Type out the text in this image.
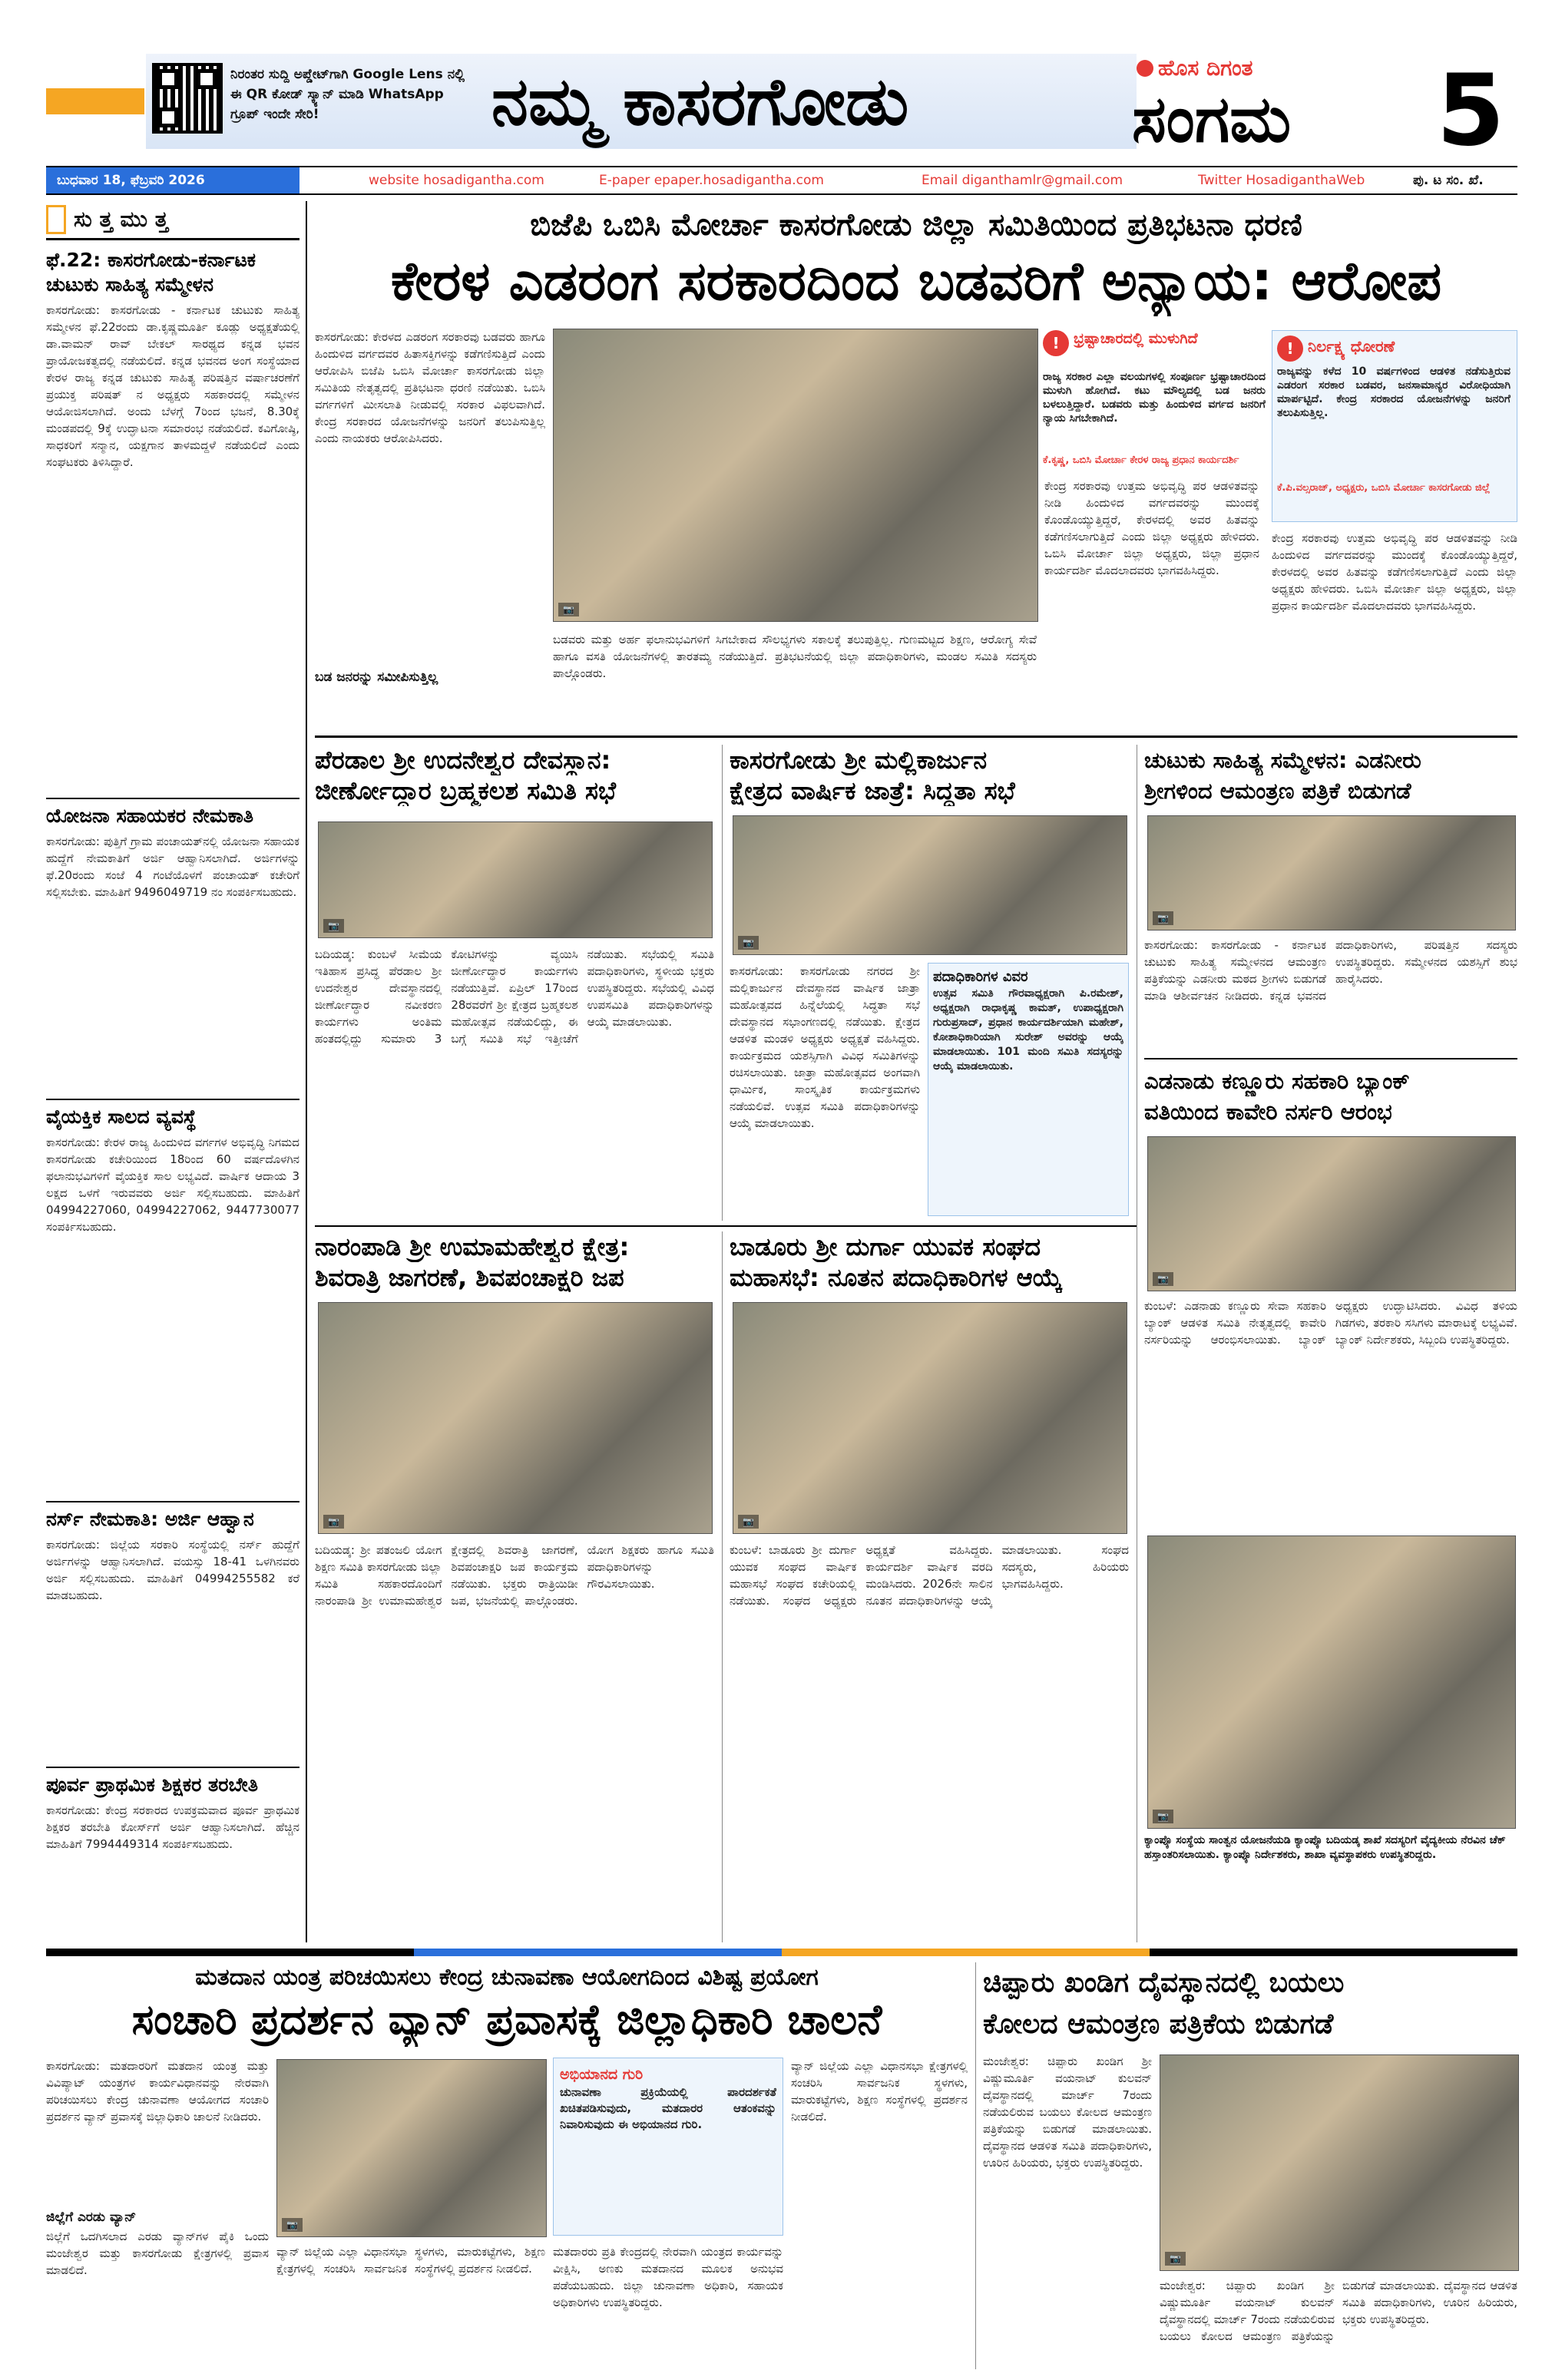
ನಿರಂತರ ಸುದ್ದಿ ಅಪ್ಡೇಟ್‌ಗಾಗಿ Google Lens ನಲ್ಲಿ ಈ QR ಕೋಡ್ ಸ್ಕ್ಯಾನ್ ಮಾಡಿ WhatsApp ಗ್ರೂಪ್ ಇಂದೇ ಸೇರಿ!	ನಮ್ಮ ಕಾಸರಗೋಡು	ಹೊಸ ದಿಗಂತ
ಸಂಗಮ	5
ಬುಧವಾರ 18, ಫೆಬ್ರವರಿ 2026	website hosadigantha.com	E-paper epaper.hosadigantha.com	Email diganthamlr@gmail.com	Twitter HosadiganthaWeb	ಪು. ಟ ಸಂ. ಖೆ.
ಸು ತ್ತ ಮು ತ್ತ
ಫೆ.22: ಕಾಸರಗೋಡು-ಕರ್ನಾಟಕ ಚುಟುಕು ಸಾಹಿತ್ಯ ಸಮ್ಮೇಳನ
ಕಾಸರಗೋಡು: ಕಾಸರಗೋಡು - ಕರ್ನಾಟಕ ಚುಟುಕು ಸಾಹಿತ್ಯ ಸಮ್ಮೇಳನ ಫೆ.22ರಂದು ಡಾ.ಕೃಷ್ಣಮೂರ್ತಿ ಕೂಡ್ಲು ಅಧ್ಯಕ್ಷತೆಯಲ್ಲಿ ಡಾ.ವಾಮನ್ ರಾವ್ ಬೇಕಲ್ ಸಾರಥ್ಯದ ಕನ್ನಡ ಭವನ ಪ್ರಾಯೋಜಕತ್ವದಲ್ಲಿ ನಡೆಯಲಿದೆ. ಕನ್ನಡ ಭವನದ ಅಂಗ ಸಂಸ್ಥೆಯಾದ ಕೇರಳ ರಾಜ್ಯ ಕನ್ನಡ ಚುಟುಕು ಸಾಹಿತ್ಯ ಪರಿಷತ್ತಿನ ವರ್ಷಾಚರಣೆಗೆ ಪ್ರಯುಕ್ತ ಪರಿಷತ್ ನ ಅಧ್ಯಕ್ಷರು ಸಹಕಾರದಲ್ಲಿ ಸಮ್ಮೇಳನ ಆಯೋಜಿಸಲಾಗಿದೆ. ಅಂದು ಬೆಳಗ್ಗೆ 7ರಿಂದ ಭಜನೆ, 8.30ಕ್ಕೆ ಮಂಡಪದಲ್ಲಿ 9ಕ್ಕೆ ಉದ್ಘಾಟನಾ ಸಮಾರಂಭ ನಡೆಯಲಿದೆ. ಕವಿಗೋಷ್ಠಿ, ಸಾಧಕರಿಗೆ ಸನ್ಮಾನ, ಯಕ್ಷಗಾನ ತಾಳಮದ್ದಳೆ ನಡೆಯಲಿದೆ ಎಂದು ಸಂಘಟಕರು ತಿಳಿಸಿದ್ದಾರೆ.
ಯೋಜನಾ ಸಹಾಯಕರ ನೇಮಕಾತಿ
ಕಾಸರಗೋಡು: ಪುತ್ತಿಗೆ ಗ್ರಾಮ ಪಂಚಾಯತ್‌ನಲ್ಲಿ ಯೋಜನಾ ಸಹಾಯಕ ಹುದ್ದೆಗೆ ನೇಮಕಾತಿಗೆ ಅರ್ಜಿ ಆಹ್ವಾನಿಸಲಾಗಿದೆ. ಅರ್ಜಿಗಳನ್ನು ಫೆ.20ರಂದು ಸಂಜೆ 4 ಗಂಟೆಯೊಳಗೆ ಪಂಚಾಯತ್ ಕಚೇರಿಗೆ ಸಲ್ಲಿಸಬೇಕು. ಮಾಹಿತಿಗೆ 9496049719 ನಂ ಸಂಪರ್ಕಿಸಬಹುದು.
ವೈಯಕ್ತಿಕ ಸಾಲದ ವ್ಯವಸ್ಥೆ
ಕಾಸರಗೋಡು: ಕೇರಳ ರಾಜ್ಯ ಹಿಂದುಳಿದ ವರ್ಗಗಳ ಅಭಿವೃದ್ಧಿ ನಿಗಮದ ಕಾಸರಗೋಡು ಕಚೇರಿಯಿಂದ 18ರಿಂದ 60 ವರ್ಷದೊಳಗಿನ ಫಲಾನುಭವಿಗಳಿಗೆ ವೈಯಕ್ತಿಕ ಸಾಲ ಲಭ್ಯವಿದೆ. ವಾರ್ಷಿಕ ಆದಾಯ 3 ಲಕ್ಷದ ಒಳಗೆ ಇರುವವರು ಅರ್ಜಿ ಸಲ್ಲಿಸಬಹುದು. ಮಾಹಿತಿಗೆ 04994227060, 04994227062, 9447730077 ಸಂಪರ್ಕಿಸಬಹುದು.
ನರ್ಸ್ ನೇಮಕಾತಿ: ಅರ್ಜಿ ಆಹ್ವಾನ
ಕಾಸರಗೋಡು: ಜಿಲ್ಲೆಯ ಸರಕಾರಿ ಸಂಸ್ಥೆಯಲ್ಲಿ ನರ್ಸ್ ಹುದ್ದೆಗೆ ಅರ್ಜಿಗಳನ್ನು ಆಹ್ವಾನಿಸಲಾಗಿದೆ. ವಯಸ್ಸು 18-41 ಒಳಗಿನವರು ಅರ್ಜಿ ಸಲ್ಲಿಸಬಹುದು. ಮಾಹಿತಿಗೆ 04994255582 ಕರೆ ಮಾಡಬಹುದು.
ಪೂರ್ವ ಪ್ರಾಥಮಿಕ ಶಿಕ್ಷಕರ ತರಬೇತಿ
ಕಾಸರಗೋಡು: ಕೇಂದ್ರ ಸರಕಾರದ ಉಪಕ್ರಮವಾದ ಪೂರ್ವ ಪ್ರಾಥಮಿಕ ಶಿಕ್ಷಕರ ತರಬೇತಿ ಕೋರ್ಸ್‌ಗೆ ಅರ್ಜಿ ಆಹ್ವಾನಿಸಲಾಗಿದೆ. ಹೆಚ್ಚಿನ ಮಾಹಿತಿಗೆ 7994449314 ಸಂಪರ್ಕಿಸಬಹುದು.
ಬಿಜೆಪಿ ಒಬಿಸಿ ಮೋರ್ಚಾ ಕಾಸರಗೋಡು ಜಿಲ್ಲಾ ಸಮಿತಿಯಿಂದ ಪ್ರತಿಭಟನಾ ಧರಣಿ
ಕೇರಳ ಎಡರಂಗ ಸರಕಾರದಿಂದ ಬಡವರಿಗೆ ಅನ್ಯಾಯ: ಆರೋಪ
ಕಾಸರಗೋಡು: ಕೇರಳದ ಎಡರಂಗ ಸರಕಾರವು ಬಡವರು ಹಾಗೂ ಹಿಂದುಳಿದ ವರ್ಗದವರ ಹಿತಾಸಕ್ತಿಗಳನ್ನು ಕಡೆಗಣಿಸುತ್ತಿದೆ ಎಂದು ಆರೋಪಿಸಿ ಬಿಜೆಪಿ ಒಬಿಸಿ ಮೋರ್ಚಾ ಕಾಸರಗೋಡು ಜಿಲ್ಲಾ ಸಮಿತಿಯ ನೇತೃತ್ವದಲ್ಲಿ ಪ್ರತಿಭಟನಾ ಧರಣಿ ನಡೆಯಿತು. ಒಬಿಸಿ ವರ್ಗಗಳಿಗೆ ಮೀಸಲಾತಿ ನೀಡುವಲ್ಲಿ ಸರಕಾರ ವಿಫಲವಾಗಿದೆ. ಕೇಂದ್ರ ಸರಕಾರದ ಯೋಜನೆಗಳನ್ನು ಜನರಿಗೆ ತಲುಪಿಸುತ್ತಿಲ್ಲ ಎಂದು ನಾಯಕರು ಆರೋಪಿಸಿದರು.
📷
ಬಡವರು ಮತ್ತು ಅರ್ಹ ಫಲಾನುಭವಿಗಳಿಗೆ ಸಿಗಬೇಕಾದ ಸೌಲಭ್ಯಗಳು ಸಕಾಲಕ್ಕೆ ತಲುಪುತ್ತಿಲ್ಲ. ಗುಣಮಟ್ಟದ ಶಿಕ್ಷಣ, ಆರೋಗ್ಯ ಸೇವೆ ಹಾಗೂ ವಸತಿ ಯೋಜನೆಗಳಲ್ಲಿ ತಾರತಮ್ಯ ನಡೆಯುತ್ತಿದೆ. ಪ್ರತಿಭಟನೆಯಲ್ಲಿ ಜಿಲ್ಲಾ ಪದಾಧಿಕಾರಿಗಳು, ಮಂಡಲ ಸಮಿತಿ ಸದಸ್ಯರು ಪಾಲ್ಗೊಂಡರು.
ಬಡ ಜನರನ್ನು ಸಮೀಪಿಸುತ್ತಿಲ್ಲ
ಕೇಂದ್ರ ಸರಕಾರವು ಉತ್ತಮ ಅಭಿವೃದ್ಧಿ ಪರ ಆಡಳಿತವನ್ನು ನೀಡಿ ಹಿಂದುಳಿದ ವರ್ಗದವರನ್ನು ಮುಂದಕ್ಕೆ ಕೊಂಡೊಯ್ಯುತ್ತಿದ್ದರೆ, ಕೇರಳದಲ್ಲಿ ಅವರ ಹಿತವನ್ನು ಕಡೆಗಣಿಸಲಾಗುತ್ತಿದೆ ಎಂದು ಜಿಲ್ಲಾ ಅಧ್ಯಕ್ಷರು ಹೇಳಿದರು. ಒಬಿಸಿ ಮೋರ್ಚಾ ಜಿಲ್ಲಾ ಅಧ್ಯಕ್ಷರು, ಜಿಲ್ಲಾ ಪ್ರಧಾನ ಕಾರ್ಯದರ್ಶಿ ಮೊದಲಾದವರು ಭಾಗವಹಿಸಿದ್ದರು.
! ಭ್ರಷ್ಟಾಚಾರದಲ್ಲಿ ಮುಳುಗಿದೆ
ರಾಜ್ಯ ಸರಕಾರ ಎಲ್ಲಾ ವಲಯಗಳಲ್ಲಿ ಸಂಪೂರ್ಣ ಭ್ರಷ್ಟಾಚಾರದಿಂದ ಮುಳುಗಿ ಹೋಗಿದೆ. ಕಟು ಮೌಲ್ಯದಲ್ಲಿ ಬಡ ಜನರು ಬಳಲುತ್ತಿದ್ದಾರೆ. ಬಡವರು ಮತ್ತು ಹಿಂದುಳಿದ ವರ್ಗದ ಜನರಿಗೆ ನ್ಯಾಯ ಸಿಗಬೇಕಾಗಿದೆ.
ಕೆ.ಕೃಷ್ಣ, ಒಬಿಸಿ ಮೋರ್ಚಾ ಕೇರಳ ರಾಜ್ಯ ಪ್ರಧಾನ ಕಾರ್ಯದರ್ಶಿ
! ನಿರ್ಲಕ್ಷ್ಯ ಧೋರಣೆ
ರಾಜ್ಯವನ್ನು ಕಳೆದ 10 ವರ್ಷಗಳಿಂದ ಆಡಳಿತ ನಡೆಸುತ್ತಿರುವ ಎಡರಂಗ ಸರಕಾರ ಬಡವರ, ಜನಸಾಮಾನ್ಯರ ವಿರೋಧಿಯಾಗಿ ಮಾರ್ಪಟ್ಟಿದೆ. ಕೇಂದ್ರ ಸರಕಾರದ ಯೋಜನೆಗಳನ್ನು ಜನರಿಗೆ ತಲುಪಿಸುತ್ತಿಲ್ಲ.
ಕೆ.ಪಿ.ವಲ್ಸರಾಜ್, ಅಧ್ಯಕ್ಷರು, ಒಬಿಸಿ ಮೋರ್ಚಾ ಕಾಸರಗೋಡು ಜಿಲ್ಲೆ
ಕೇಂದ್ರ ಸರಕಾರವು ಉತ್ತಮ ಅಭಿವೃದ್ಧಿ ಪರ ಆಡಳಿತವನ್ನು ನೀಡಿ ಹಿಂದುಳಿದ ವರ್ಗದವರನ್ನು ಮುಂದಕ್ಕೆ ಕೊಂಡೊಯ್ಯುತ್ತಿದ್ದರೆ, ಕೇರಳದಲ್ಲಿ ಅವರ ಹಿತವನ್ನು ಕಡೆಗಣಿಸಲಾಗುತ್ತಿದೆ ಎಂದು ಜಿಲ್ಲಾ ಅಧ್ಯಕ್ಷರು ಹೇಳಿದರು. ಒಬಿಸಿ ಮೋರ್ಚಾ ಜಿಲ್ಲಾ ಅಧ್ಯಕ್ಷರು, ಜಿಲ್ಲಾ ಪ್ರಧಾನ ಕಾರ್ಯದರ್ಶಿ ಮೊದಲಾದವರು ಭಾಗವಹಿಸಿದ್ದರು.
ಪೆರಡಾಲ ಶ್ರೀ ಉದನೇಶ್ವರ ದೇವಸ್ಥಾನ:
ಜೀರ್ಣೋದ್ಧಾರ ಬ್ರಹ್ಮಕಲಶ ಸಮಿತಿ ಸಭೆ
📷
ಬದಿಯಡ್ಕ: ಕುಂಬಳೆ ಸೀಮೆಯ ಇತಿಹಾಸ ಪ್ರಸಿದ್ಧ ಪೆರಡಾಲ ಶ್ರೀ ಉದನೇಶ್ವರ ದೇವಸ್ಥಾನದಲ್ಲಿ ಜೀರ್ಣೋದ್ಧಾರ ನವೀಕರಣ ಕಾರ್ಯಗಳು ಅಂತಿಮ ಹಂತದಲ್ಲಿದ್ದು ಸುಮಾರು 3 ಕೋಟಿಗಳನ್ನು ವ್ಯಯಿಸಿ ಜೀರ್ಣೋದ್ಧಾರ ಕಾರ್ಯಗಳು ನಡೆಯುತ್ತಿವೆ. ಏಪ್ರಿಲ್ 17ರಿಂದ 28ರವರೆಗೆ ಶ್ರೀ ಕ್ಷೇತ್ರದ ಬ್ರಹ್ಮಕಲಶ ಮಹೋತ್ಸವ ನಡೆಯಲಿದ್ದು, ಈ ಬಗ್ಗೆ ಸಮಿತಿ ಸಭೆ ಇತ್ತೀಚೆಗೆ ನಡೆಯಿತು. ಸಭೆಯಲ್ಲಿ ಸಮಿತಿ ಪದಾಧಿಕಾರಿಗಳು, ಸ್ಥಳೀಯ ಭಕ್ತರು ಉಪಸ್ಥಿತರಿದ್ದರು. ಸಭೆಯಲ್ಲಿ ವಿವಿಧ ಉಪಸಮಿತಿ ಪದಾಧಿಕಾರಿಗಳನ್ನು ಆಯ್ಕೆ ಮಾಡಲಾಯಿತು.
ಕಾಸರಗೋಡು ಶ್ರೀ ಮಲ್ಲಿಕಾರ್ಜುನ
ಕ್ಷೇತ್ರದ ವಾರ್ಷಿಕ ಜಾತ್ರೆ: ಸಿದ್ಧತಾ ಸಭೆ
📷
ಕಾಸರಗೋಡು: ಕಾಸರಗೋಡು ನಗರದ ಶ್ರೀ ಮಲ್ಲಿಕಾರ್ಜುನ ದೇವಸ್ಥಾನದ ವಾರ್ಷಿಕ ಜಾತ್ರಾ ಮಹೋತ್ಸವದ ಹಿನ್ನೆಲೆಯಲ್ಲಿ ಸಿದ್ಧತಾ ಸಭೆ ದೇವಸ್ಥಾನದ ಸಭಾಂಗಣದಲ್ಲಿ ನಡೆಯಿತು. ಕ್ಷೇತ್ರದ ಆಡಳಿತ ಮಂಡಳಿ ಅಧ್ಯಕ್ಷರು ಅಧ್ಯಕ್ಷತೆ ವಹಿಸಿದ್ದರು. ಕಾರ್ಯಕ್ರಮದ ಯಶಸ್ಸಿಗಾಗಿ ವಿವಿಧ ಸಮಿತಿಗಳನ್ನು ರಚಿಸಲಾಯಿತು. ಜಾತ್ರಾ ಮಹೋತ್ಸವದ ಅಂಗವಾಗಿ ಧಾರ್ಮಿಕ, ಸಾಂಸ್ಕೃತಿಕ ಕಾರ್ಯಕ್ರಮಗಳು ನಡೆಯಲಿವೆ. ಉತ್ಸವ ಸಮಿತಿ ಪದಾಧಿಕಾರಿಗಳನ್ನು ಆಯ್ಕೆ ಮಾಡಲಾಯಿತು.
ಪದಾಧಿಕಾರಿಗಳ ವಿವರ
ಉತ್ಸವ ಸಮಿತಿ ಗೌರವಾಧ್ಯಕ್ಷರಾಗಿ ಪಿ.ರಮೇಶ್, ಅಧ್ಯಕ್ಷರಾಗಿ ರಾಧಾಕೃಷ್ಣ ಕಾಮತ್, ಉಪಾಧ್ಯಕ್ಷರಾಗಿ ಗುರುಪ್ರಸಾದ್, ಪ್ರಧಾನ ಕಾರ್ಯದರ್ಶಿಯಾಗಿ ಮಹೇಶ್, ಕೋಶಾಧಿಕಾರಿಯಾಗಿ ಸುರೇಶ್ ಅವರನ್ನು ಆಯ್ಕೆ ಮಾಡಲಾಯಿತು. 101 ಮಂದಿ ಸಮಿತಿ ಸದಸ್ಯರನ್ನು ಆಯ್ಕೆ ಮಾಡಲಾಯಿತು.
ಚುಟುಕು ಸಾಹಿತ್ಯ ಸಮ್ಮೇಳನ: ಎಡನೀರು
ಶ್ರೀಗಳಿಂದ ಆಮಂತ್ರಣ ಪತ್ರಿಕೆ ಬಿಡುಗಡೆ
📷
ಕಾಸರಗೋಡು: ಕಾಸರಗೋಡು - ಕರ್ನಾಟಕ ಚುಟುಕು ಸಾಹಿತ್ಯ ಸಮ್ಮೇಳನದ ಆಮಂತ್ರಣ ಪತ್ರಿಕೆಯನ್ನು ಎಡನೀರು ಮಠದ ಶ್ರೀಗಳು ಬಿಡುಗಡೆ ಮಾಡಿ ಆಶೀರ್ವಚನ ನೀಡಿದರು. ಕನ್ನಡ ಭವನದ ಪದಾಧಿಕಾರಿಗಳು, ಪರಿಷತ್ತಿನ ಸದಸ್ಯರು ಉಪಸ್ಥಿತರಿದ್ದರು. ಸಮ್ಮೇಳನದ ಯಶಸ್ಸಿಗೆ ಶುಭ ಹಾರೈಸಿದರು.
ಎಡನಾಡು ಕಣ್ಣೂರು ಸಹಕಾರಿ ಬ್ಯಾಂಕ್
ವತಿಯಿಂದ ಕಾವೇರಿ ನರ್ಸರಿ ಆರಂಭ
📷
ಕುಂಬಳೆ: ಎಡನಾಡು ಕಣ್ಣೂರು ಸೇವಾ ಸಹಕಾರಿ ಬ್ಯಾಂಕ್ ಆಡಳಿತ ಸಮಿತಿ ನೇತೃತ್ವದಲ್ಲಿ ಕಾವೇರಿ ನರ್ಸರಿಯನ್ನು ಆರಂಭಿಸಲಾಯಿತು. ಬ್ಯಾಂಕ್ ಅಧ್ಯಕ್ಷರು ಉದ್ಘಾಟಿಸಿದರು. ವಿವಿಧ ತಳಿಯ ಗಿಡಗಳು, ತರಕಾರಿ ಸಸಿಗಳು ಮಾರಾಟಕ್ಕೆ ಲಭ್ಯವಿವೆ. ಬ್ಯಾಂಕ್ ನಿರ್ದೇಶಕರು, ಸಿಬ್ಬಂದಿ ಉಪಸ್ಥಿತರಿದ್ದರು.
📷
ಕ್ಯಾಂಪ್ಕೊ ಸಂಸ್ಥೆಯ ಸಾಂತ್ವನ ಯೋಜನೆಯಡಿ ಕ್ಯಾಂಪ್ಕೊ ಬದಿಯಡ್ಕ ಶಾಖೆ ಸದಸ್ಯರಿಗೆ ವೈದ್ಯಕೀಯ ನೆರವಿನ ಚೆಕ್ ಹಸ್ತಾಂತರಿಸಲಾಯಿತು. ಕ್ಯಾಂಪ್ಕೊ ನಿರ್ದೇಶಕರು, ಶಾಖಾ ವ್ಯವಸ್ಥಾಪಕರು ಉಪಸ್ಥಿತರಿದ್ದರು.
ನಾರಂಪಾಡಿ ಶ್ರೀ ಉಮಾಮಹೇಶ್ವರ ಕ್ಷೇತ್ರ:
ಶಿವರಾತ್ರಿ ಜಾಗರಣೆ, ಶಿವಪಂಚಾಕ್ಷರಿ ಜಪ
📷
ಬದಿಯಡ್ಕ: ಶ್ರೀ ಪತಂಜಲಿ ಯೋಗ ಶಿಕ್ಷಣ ಸಮಿತಿ ಕಾಸರಗೋಡು ಜಿಲ್ಲಾ ಸಮಿತಿ ಸಹಕಾರದೊಂದಿಗೆ ನಾರಂಪಾಡಿ ಶ್ರೀ ಉಮಾಮಹೇಶ್ವರ ಕ್ಷೇತ್ರದಲ್ಲಿ ಶಿವರಾತ್ರಿ ಜಾಗರಣೆ, ಶಿವಪಂಚಾಕ್ಷರಿ ಜಪ ಕಾರ್ಯಕ್ರಮ ನಡೆಯಿತು. ಭಕ್ತರು ರಾತ್ರಿಯಿಡೀ ಜಪ, ಭಜನೆಯಲ್ಲಿ ಪಾಲ್ಗೊಂಡರು. ಯೋಗ ಶಿಕ್ಷಕರು ಹಾಗೂ ಸಮಿತಿ ಪದಾಧಿಕಾರಿಗಳನ್ನು ಗೌರವಿಸಲಾಯಿತು.
ಬಾಡೂರು ಶ್ರೀ ದುರ್ಗಾ ಯುವಕ ಸಂಘದ
ಮಹಾಸಭೆ: ನೂತನ ಪದಾಧಿಕಾರಿಗಳ ಆಯ್ಕೆ
📷
ಕುಂಬಳೆ: ಬಾಡೂರು ಶ್ರೀ ದುರ್ಗಾ ಯುವಕ ಸಂಘದ ವಾರ್ಷಿಕ ಮಹಾಸಭೆ ಸಂಘದ ಕಚೇರಿಯಲ್ಲಿ ನಡೆಯಿತು. ಸಂಘದ ಅಧ್ಯಕ್ಷರು ಅಧ್ಯಕ್ಷತೆ ವಹಿಸಿದ್ದರು. ಕಾರ್ಯದರ್ಶಿ ವಾರ್ಷಿಕ ವರದಿ ಮಂಡಿಸಿದರು. 2026ನೇ ಸಾಲಿನ ನೂತನ ಪದಾಧಿಕಾರಿಗಳನ್ನು ಆಯ್ಕೆ ಮಾಡಲಾಯಿತು. ಸಂಘದ ಸದಸ್ಯರು, ಹಿರಿಯರು ಭಾಗವಹಿಸಿದ್ದರು.
ಮತದಾನ ಯಂತ್ರ ಪರಿಚಯಿಸಲು ಕೇಂದ್ರ ಚುನಾವಣಾ ಆಯೋಗದಿಂದ ವಿಶಿಷ್ಟ ಪ್ರಯೋಗ
ಸಂಚಾರಿ ಪ್ರದರ್ಶನ ವ್ಯಾನ್ ಪ್ರವಾಸಕ್ಕೆ ಜಿಲ್ಲಾಧಿಕಾರಿ ಚಾಲನೆ
ಕಾಸರಗೋಡು: ಮತದಾರರಿಗೆ ಮತದಾನ ಯಂತ್ರ ಮತ್ತು ವಿವಿಪ್ಯಾಟ್ ಯಂತ್ರಗಳ ಕಾರ್ಯವಿಧಾನವನ್ನು ನೇರವಾಗಿ ಪರಿಚಯಿಸಲು ಕೇಂದ್ರ ಚುನಾವಣಾ ಆಯೋಗದ ಸಂಚಾರಿ ಪ್ರದರ್ಶನ ವ್ಯಾನ್ ಪ್ರವಾಸಕ್ಕೆ ಜಿಲ್ಲಾಧಿಕಾರಿ ಚಾಲನೆ ನೀಡಿದರು.
ಜಿಲ್ಲೆಗೆ ಎರಡು ವ್ಯಾನ್
ಜಿಲ್ಲೆಗೆ ಒದಗಿಸಲಾದ ಎರಡು ವ್ಯಾನ್‌ಗಳ ಪೈಕಿ ಒಂದು ಮಂಜೇಶ್ವರ ಮತ್ತು ಕಾಸರಗೋಡು ಕ್ಷೇತ್ರಗಳಲ್ಲಿ ಪ್ರವಾಸ ಮಾಡಲಿದೆ.
📷
ವ್ಯಾನ್ ಜಿಲ್ಲೆಯ ಎಲ್ಲಾ ವಿಧಾನಸಭಾ ಕ್ಷೇತ್ರಗಳಲ್ಲಿ ಸಂಚರಿಸಿ ಸಾರ್ವಜನಿಕ ಸ್ಥಳಗಳು, ಮಾರುಕಟ್ಟೆಗಳು, ಶಿಕ್ಷಣ ಸಂಸ್ಥೆಗಳಲ್ಲಿ ಪ್ರದರ್ಶನ ನೀಡಲಿದೆ.
ಅಭಿಯಾನದ ಗುರಿ
ಚುನಾವಣಾ ಪ್ರಕ್ರಿಯೆಯಲ್ಲಿ ಪಾರದರ್ಶಕತೆ ಖಚಿತಪಡಿಸುವುದು, ಮತದಾರರ ಆತಂಕವನ್ನು ನಿವಾರಿಸುವುದು ಈ ಅಭಿಯಾನದ ಗುರಿ.
ಮತದಾರರು ಪ್ರತಿ ಕೇಂದ್ರದಲ್ಲಿ ನೇರವಾಗಿ ಯಂತ್ರದ ಕಾರ್ಯವನ್ನು ವೀಕ್ಷಿಸಿ, ಅಣಕು ಮತದಾನದ ಮೂಲಕ ಅನುಭವ ಪಡೆಯಬಹುದು. ಜಿಲ್ಲಾ ಚುನಾವಣಾ ಅಧಿಕಾರಿ, ಸಹಾಯಕ ಅಧಿಕಾರಿಗಳು ಉಪಸ್ಥಿತರಿದ್ದರು.
ವ್ಯಾನ್ ಜಿಲ್ಲೆಯ ಎಲ್ಲಾ ವಿಧಾನಸಭಾ ಕ್ಷೇತ್ರಗಳಲ್ಲಿ ಸಂಚರಿಸಿ ಸಾರ್ವಜನಿಕ ಸ್ಥಳಗಳು, ಮಾರುಕಟ್ಟೆಗಳು, ಶಿಕ್ಷಣ ಸಂಸ್ಥೆಗಳಲ್ಲಿ ಪ್ರದರ್ಶನ ನೀಡಲಿದೆ.
ಚಿಪ್ಪಾರು ಖಂಡಿಗ ದೈವಸ್ಥಾನದಲ್ಲಿ ಬಯಲು
ಕೋಲದ ಆಮಂತ್ರಣ ಪತ್ರಿಕೆಯ ಬಿಡುಗಡೆ
ಮಂಜೇಶ್ವರ: ಚಿಪ್ಪಾರು ಖಂಡಿಗ ಶ್ರೀ ವಿಷ್ಣುಮೂರ್ತಿ ವಯನಾಟ್ ಕುಲವನ್ ದೈವಸ್ಥಾನದಲ್ಲಿ ಮಾರ್ಚ್ 7ರಂದು ನಡೆಯಲಿರುವ ಬಯಲು ಕೋಲದ ಆಮಂತ್ರಣ ಪತ್ರಿಕೆಯನ್ನು ಬಿಡುಗಡೆ ಮಾಡಲಾಯಿತು. ದೈವಸ್ಥಾನದ ಆಡಳಿತ ಸಮಿತಿ ಪದಾಧಿಕಾರಿಗಳು, ಊರಿನ ಹಿರಿಯರು, ಭಕ್ತರು ಉಪಸ್ಥಿತರಿದ್ದರು.
📷
ಮಂಜೇಶ್ವರ: ಚಿಪ್ಪಾರು ಖಂಡಿಗ ಶ್ರೀ ವಿಷ್ಣುಮೂರ್ತಿ ವಯನಾಟ್ ಕುಲವನ್ ದೈವಸ್ಥಾನದಲ್ಲಿ ಮಾರ್ಚ್ 7ರಂದು ನಡೆಯಲಿರುವ ಬಯಲು ಕೋಲದ ಆಮಂತ್ರಣ ಪತ್ರಿಕೆಯನ್ನು ಬಿಡುಗಡೆ ಮಾಡಲಾಯಿತು. ದೈವಸ್ಥಾನದ ಆಡಳಿತ ಸಮಿತಿ ಪದಾಧಿಕಾರಿಗಳು, ಊರಿನ ಹಿರಿಯರು, ಭಕ್ತರು ಉಪಸ್ಥಿತರಿದ್ದರು.
